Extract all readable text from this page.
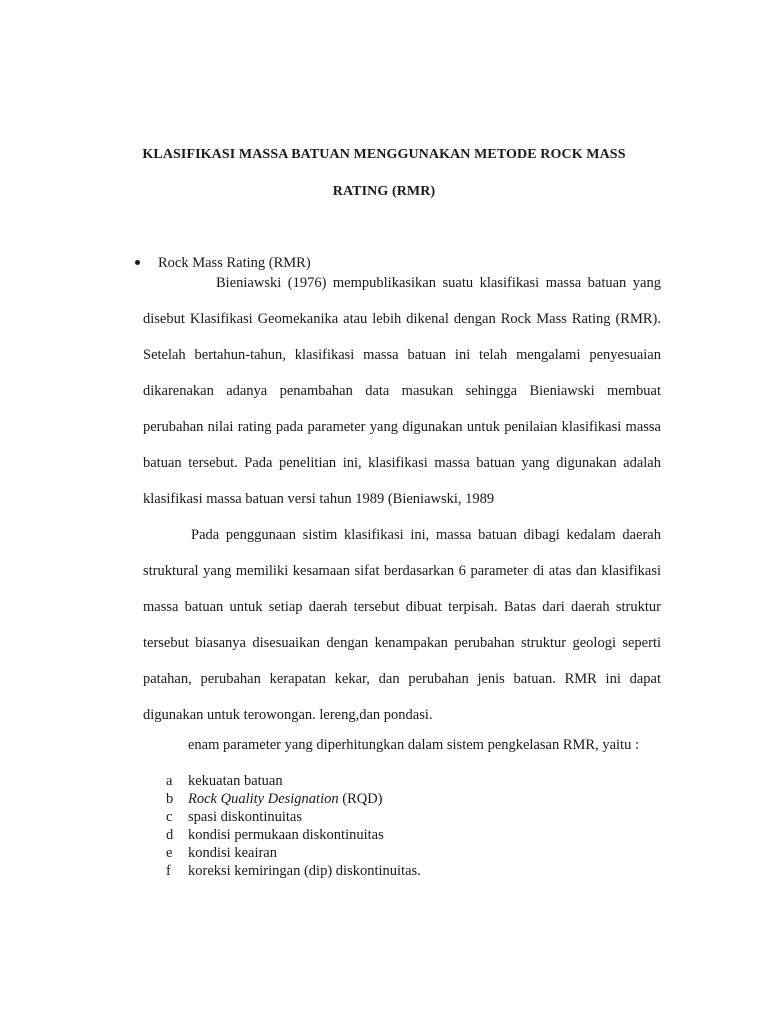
KLASIFIKASI MASSA BATUAN MENGGUNAKAN METODE ROCK MASS
RATING (RMR)
Rock Mass Rating (RMR)
Bieniawski (1976) mempublikasikan suatu klasifikasi massa batuan yang disebut Klasifikasi Geomekanika atau lebih dikenal dengan Rock Mass Rating (RMR). Setelah bertahun-tahun, klasifikasi massa batuan ini telah mengalami penyesuaian dikarenakan adanya penambahan data masukan sehingga Bieniawski membuat perubahan nilai rating pada parameter yang digunakan untuk penilaian klasifikasi massa batuan tersebut. Pada penelitian ini, klasifikasi massa batuan yang digunakan adalah klasifikasi massa batuan versi tahun 1989 (Bieniawski, 1989
Pada penggunaan sistim klasifikasi ini, massa batuan dibagi kedalam daerah struktural yang memiliki kesamaan sifat berdasarkan 6 parameter di atas dan klasifikasi massa batuan untuk setiap daerah tersebut dibuat terpisah. Batas dari daerah struktur tersebut biasanya disesuaikan dengan kenampakan perubahan struktur geologi seperti patahan, perubahan kerapatan kekar, dan perubahan jenis batuan. RMR ini dapat digunakan untuk terowongan. lereng,dan pondasi.
enam parameter yang diperhitungkan dalam sistem pengkelasan RMR, yaitu :
a	kekuatan batuan
b	Rock Quality Designation (RQD)
c	spasi diskontinuitas
d	kondisi permukaan diskontinuitas
e	kondisi keairan
f	koreksi kemiringan (dip) diskontinuitas.
